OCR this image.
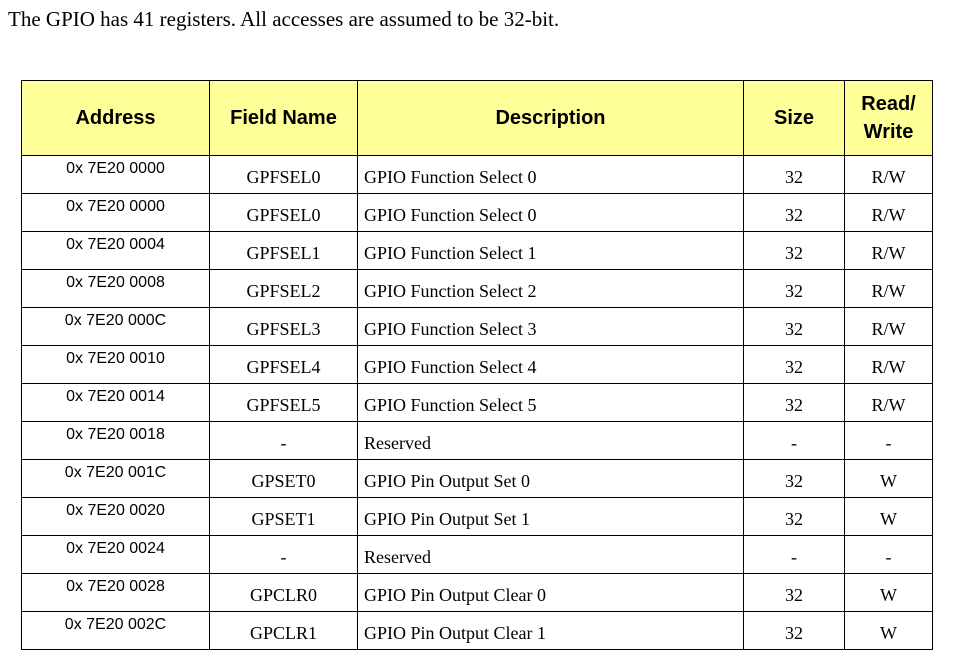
The GPIO has 41 registers. All accesses are assumed to be 32-bit.

Address	Field Name	Description	Size	Read/
Write

0x 7E20 0000	GPFSEL0	GPIO Function Select 0	32	R/W
0x 7E20 0000	GPFSEL0	GPIO Function Select 0	32	R/W
0x 7E20 0004	GPFSEL1	GPIO Function Select 1	32	R/W
0x 7E20 0008	GPFSEL2	GPIO Function Select 2	32	R/W
0x 7E20 000C	GPFSEL3	GPIO Function Select 3	32	R/W
0x 7E20 0010	GPFSEL4	GPIO Function Select 4	32	R/W
0x 7E20 0014	GPFSEL5	GPIO Function Select 5	32	R/W
0x 7E20 0018	-	Reserved	-	-
0x 7E20 001C	GPSET0	GPIO Pin Output Set 0	32	W
0x 7E20 0020	GPSET1	GPIO Pin Output Set 1	32	W
0x 7E20 0024	-	Reserved	-	-
0x 7E20 0028	GPCLR0	GPIO Pin Output Clear 0	32	W
0x 7E20 002C	GPCLR1	GPIO Pin Output Clear 1	32	W
